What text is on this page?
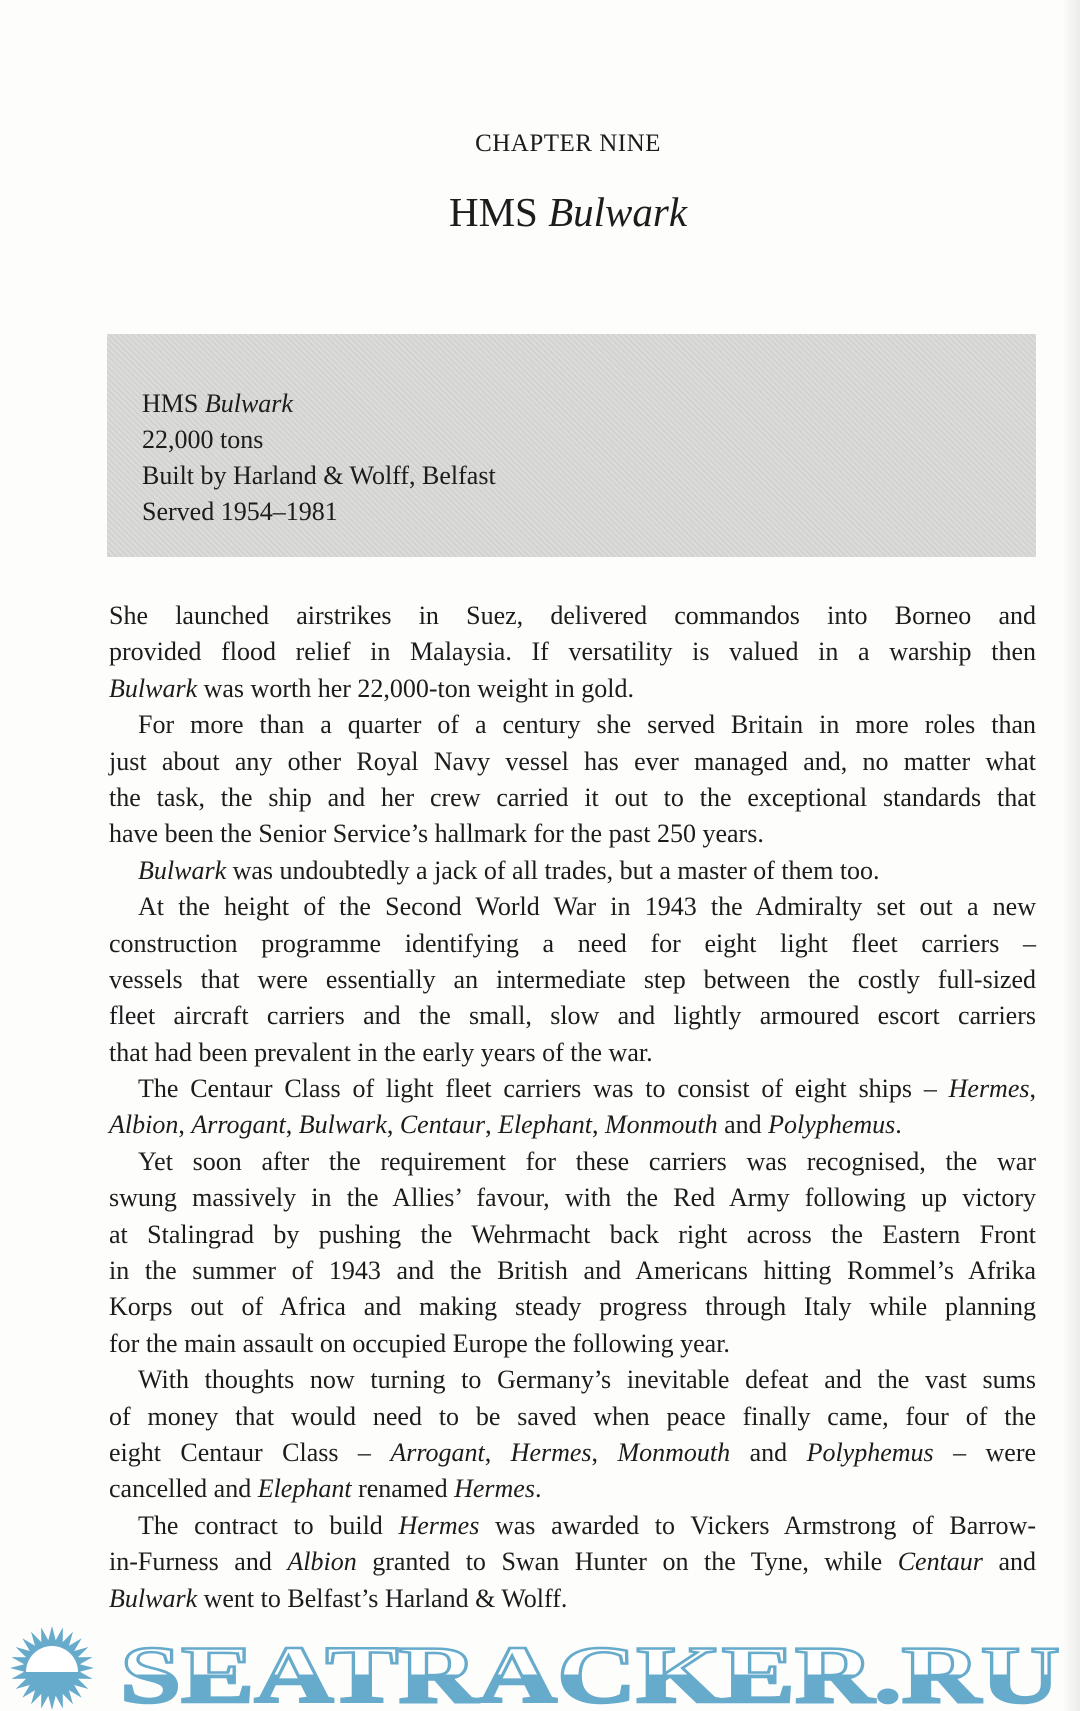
CHAPTER NINE
HMS Bulwark
HMS Bulwark
22,000 tons
Built by Harland & Wolff, Belfast
Served 1954–1981
She launched airstrikes in Suez, delivered commandos into Borneo and
provided flood relief in Malaysia. If versatility is valued in a warship then
Bulwark was worth her 22,000-ton weight in gold.
For more than a quarter of a century she served Britain in more roles than
just about any other Royal Navy vessel has ever managed and, no matter what
the task, the ship and her crew carried it out to the exceptional standards that
have been the Senior Service’s hallmark for the past 250 years.
Bulwark was undoubtedly a jack of all trades, but a master of them too.
At the height of the Second World War in 1943 the Admiralty set out a new
construction programme identifying a need for eight light fleet carriers –
vessels that were essentially an intermediate step between the costly full-sized
fleet aircraft carriers and the small, slow and lightly armoured escort carriers
that had been prevalent in the early years of the war.
The Centaur Class of light fleet carriers was to consist of eight ships – Hermes,
Albion, Arrogant, Bulwark, Centaur, Elephant, Monmouth and Polyphemus.
Yet soon after the requirement for these carriers was recognised, the war
swung massively in the Allies’ favour, with the Red Army following up victory
at Stalingrad by pushing the Wehrmacht back right across the Eastern Front
in the summer of 1943 and the British and Americans hitting Rommel’s Afrika
Korps out of Africa and making steady progress through Italy while planning
for the main assault on occupied Europe the following year.
With thoughts now turning to Germany’s inevitable defeat and the vast sums
of money that would need to be saved when peace finally came, four of the
eight Centaur Class – Arrogant, Hermes, Monmouth and Polyphemus – were
cancelled and Elephant renamed Hermes.
The contract to build Hermes was awarded to Vickers Armstrong of Barrow-
in-Furness and Albion granted to Swan Hunter on the Tyne, while Centaur and
Bulwark went to Belfast’s Harland & Wolff.
SEATRACKER.RU
